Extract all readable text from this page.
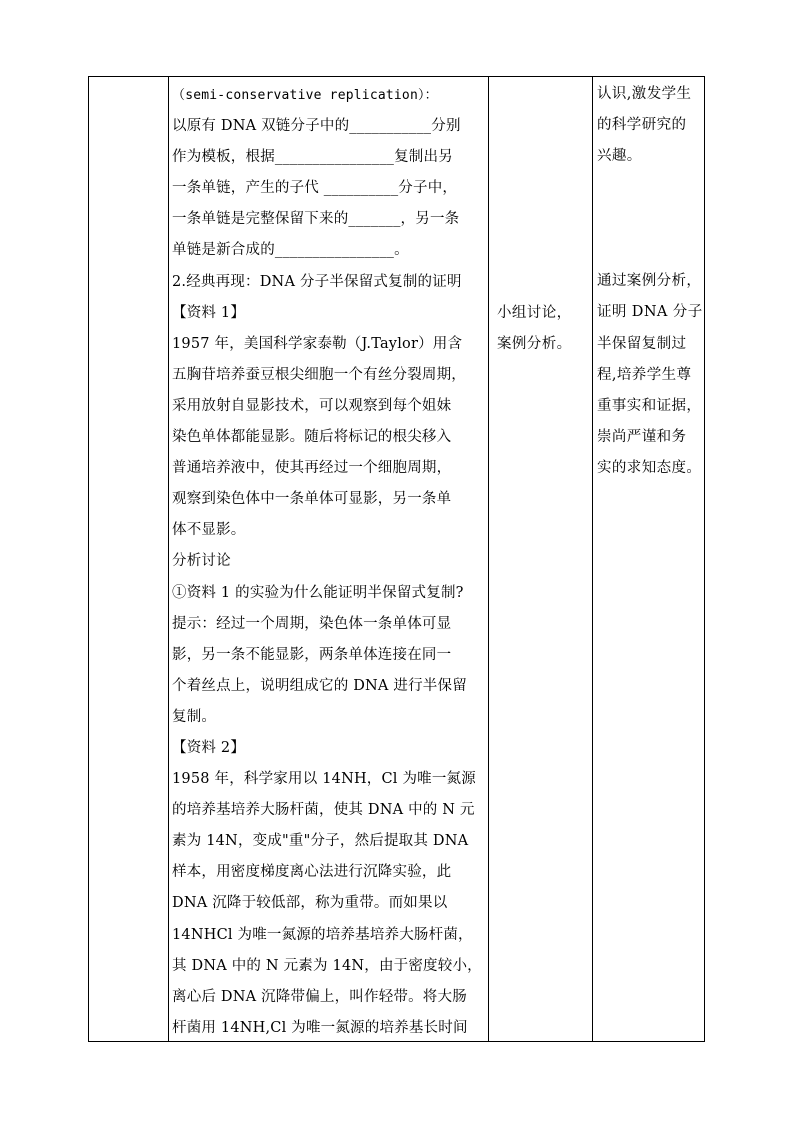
（semi-conservative replication）：
以原有 DNA 双链分子中的___________分别
作为模板，根据________________复制出另
一条单链，产生的子代 __________分子中，
一条单链是完整保留下来的_______，另一条
单链是新合成的________________。
2.经典再现：DNA 分子半保留式复制的证明
【资料 1】
1957 年，美国科学家泰勒（J.Taylor）用含
五胸苷培养蚕豆根尖细胞一个有丝分裂周期，
采用放射自显影技术，可以观察到每个姐妹
染色单体都能显影。随后将标记的根尖移入
普通培养液中，使其再经过一个细胞周期，
观察到染色体中一条单体可显影，另一条单
体不显影。
分析讨论
①资料 1 的实验为什么能证明半保留式复制?
提示：经过一个周期，染色体一条单体可显
影，另一条不能显影，两条单体连接在同一
个着丝点上，说明组成它的 DNA 进行半保留
复制。
【资料 2】
1958 年，科学家用以 14NH，Cl 为唯一氮源
的培养基培养大肠杆菌，使其 DNA 中的 N 元
素为 14N，变成"重"分子，然后提取其 DNA
样本，用密度梯度离心法进行沉降实验，此
DNA 沉降于较低部，称为重带。而如果以
14NHCl 为唯一氮源的培养基培养大肠杆菌，
其 DNA 中的 N 元素为 14N，由于密度较小，
离心后 DNA 沉降带偏上，叫作轻带。将大肠
杆菌用 14NH,Cl 为唯一氮源的培养基长时间
小组讨论，
案例分析。
认识,激发学生
的科学研究的
兴趣。
通过案例分析，
证明 DNA 分子
半保留复制过
程,培养学生尊
重事实和证据，
崇尚严谨和务
实的求知态度。
